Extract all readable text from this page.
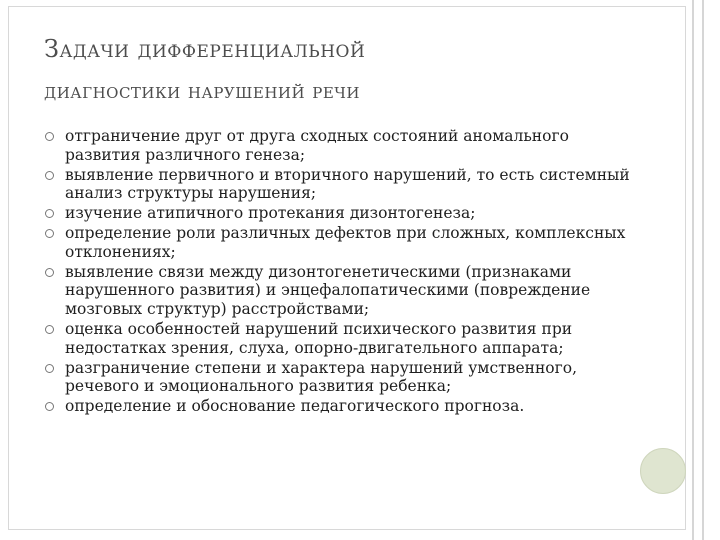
Задачи дифференциальной
диагностики нарушений речи
отграничение друг от друга сходных состояний аномального развития различного генеза;
выявление первичного и вторичного нарушений, то есть системный анализ структуры нарушения;
изучение атипичного протекания дизонтогенеза;
определение роли различных дефектов при сложных, комплексных отклонениях;
выявление связи между дизонтогенетическими (признаками нарушенного развития) и энцефалопатическими (повреждение мозговых структур) расстройствами;
оценка особенностей нарушений психического развития при недостатках зрения, слуха, опорно-двигательного аппарата;
разграничение степени и характера нарушений умственного, речевого и эмоционального развития ребенка;
определение и обоснование педагогического прогноза.
